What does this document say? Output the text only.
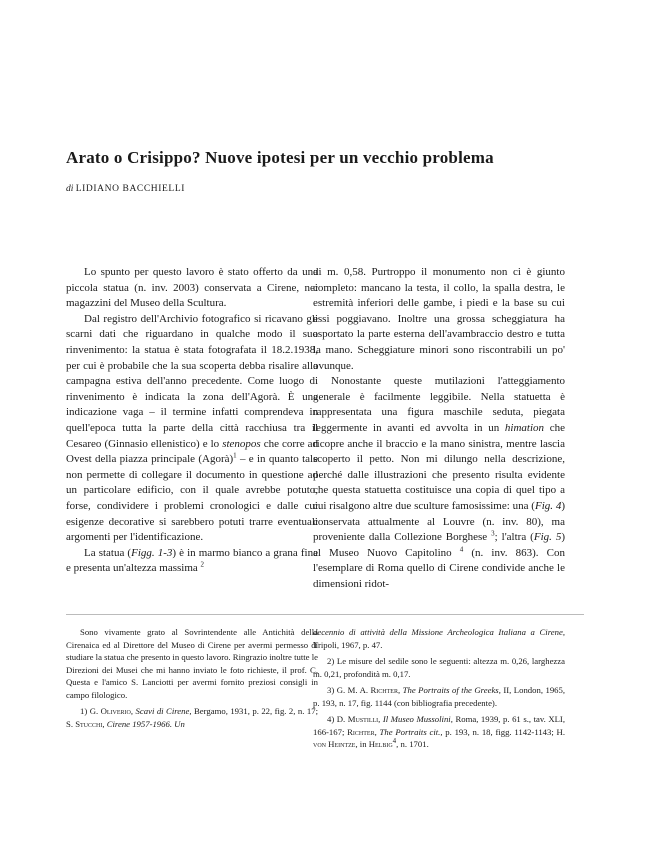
Arato o Crisippo? Nuove ipotesi per un vecchio problema
di LIDIANO BACCHIELLI

Lo spunto per questo lavoro è stato offerto da una piccola statua (n. inv. 2003) conservata a Cirene, nei magazzini del Museo della Scultura.

Dal registro dell'Archivio fotografico si ricavano gli scarni dati che riguardano in qualche modo il suo rinvenimento: la statua è stata fotografata il 18.2.1938, per cui è probabile che la sua scoperta debba risalire alla campagna estiva dell'anno precedente. Come luogo di rinvenimento è indicata la zona dell'Agorà. È una indicazione vaga – il termine infatti comprendeva in quell'epoca tutta la parte della città racchiusa tra il Cesareo (Ginnasio ellenistico) e lo stenopos che corre ad Ovest della piazza principale (Agorà)$^1$ – e in quanto tale non permette di collegare il documento in questione ad un particolare edificio, con il quale avrebbe potuto, forse, condividere i problemi cronologici e dalle cui esigenze decorative si sarebbero potuti trarre eventuali argomenti per l'identificazione.

La statua (Figg. 1-3) è in marmo bianco a grana fine e presenta un'altezza massima $^2$

di m. 0,58. Purtroppo il monumento non ci è giunto completo: mancano la testa, il collo, la spalla destra, le estremità inferiori delle gambe, i piedi e la base su cui essi poggiavano. Inoltre una grossa scheggiatura ha asportato la parte esterna dell'avambraccio destro e tutta la mano. Scheggiature minori sono riscontrabili un po' ovunque.

Nonostante queste mutilazioni l'atteggiamento generale è facilmente leggibile. Nella statuetta è rappresentata una figura maschile seduta, piegata leggermente in avanti ed avvolta in un himation che ricopre anche il braccio e la mano sinistra, mentre lascia scoperto il petto. Non mi dilungo nella descrizione, perché dalle illustrazioni che presento risulta evidente che questa statuetta costituisce una copia di quel tipo a cui risalgono altre due sculture famosissime: una (Fig. 4) conservata attualmente al Louvre (n. inv. 80), ma proveniente dalla Collezione Borghese $^3$; l'altra (Fig. 5) al Museo Nuovo Capitolino $^4$ (n. inv. 863). Con l'esemplare di Roma quello di Cirene condivide anche le dimensioni ridot-

Sono vivamente grato al Sovrintendente alle Antichità della Cirenaica ed al Direttore del Museo di Cirene per avermi permesso di studiare la statua che presento in questo lavoro. Ringrazio inoltre tutte le Direzioni dei Musei che mi hanno inviato le foto richieste, il prof. C. Questa e l'amico S. Lanciotti per avermi fornito preziosi consigli in campo filologico.

1) G. Oliverio, Scavi di Cirene, Bergamo, 1931, p. 22, fig. 2, n. 17; S. Stucchi, Cirene 1957-1966. Un

decennio di attività della Missione Archeologica Italiana a Cirene, Tripoli, 1967, p. 47.

2) Le misure del sedile sono le seguenti: altezza m. 0,26, larghezza m. 0,21, profondità m. 0,17.

3) G. M. A. Richter, The Portraits of the Greeks, II, London, 1965, p. 193, n. 17, fig. 1144 (con bibliografia precedente).

4) D. Mustilli, Il Museo Mussolini, Roma, 1939, p. 61 s., tav. XLI, 166-167; Richter, The Portraits cit., p. 193, n. 18, figg. 1142-1143; H. von Heintze, in Helbig$^4$, n. 1701.
